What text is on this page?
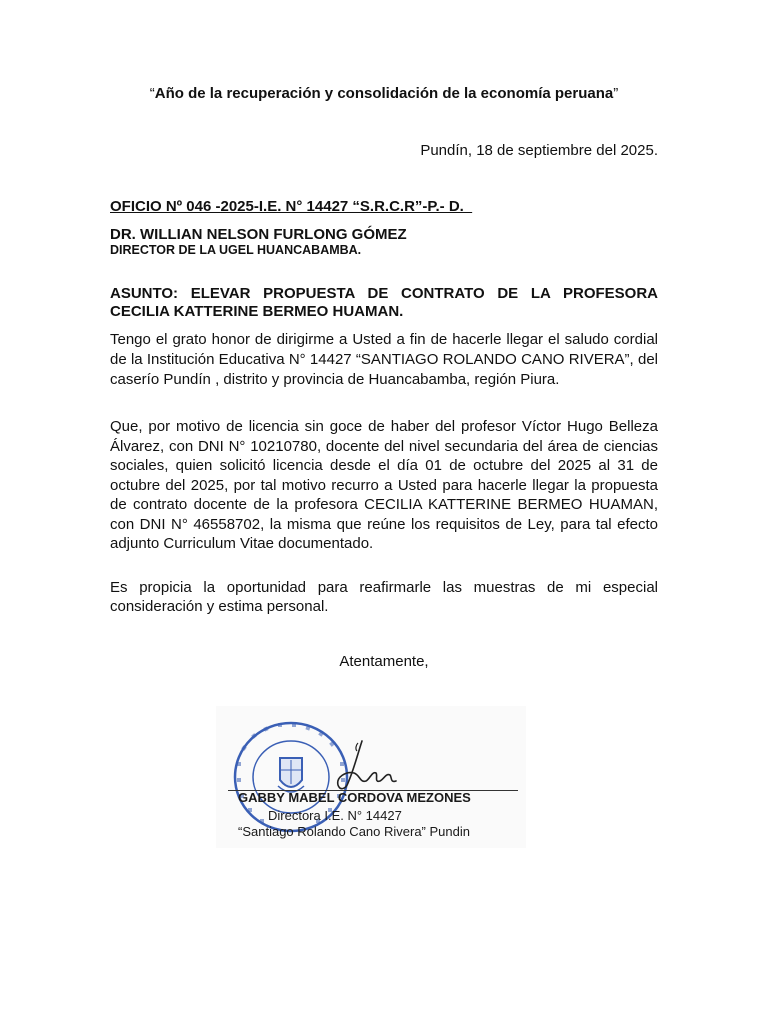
“Año de la recuperación y consolidación de la economía peruana”
Pundín, 18 de septiembre del 2025.
OFICIO Nº 046 -2025-I.E. N° 14427 “S.R.C.R”-P.- D.
DR. WILLIAN NELSON FURLONG GÓMEZ
DIRECTOR DE LA UGEL HUANCABAMBA.

ASUNTO: ELEVAR PROPUESTA DE CONTRATO DE LA PROFESORA CECILIA KATTERINE BERMEO HUAMAN.

Tengo el grato honor de dirigirme a Usted a fin de hacerle llegar el saludo cordial de la Institución Educativa N° 14427 “SANTIAGO ROLANDO CANO RIVERA”, del caserío Pundín , distrito y provincia de Huancabamba, región Piura.

Que, por motivo de licencia sin goce de haber del profesor Víctor Hugo Belleza Álvarez, con DNI N° 10210780, docente del nivel secundaria del área de ciencias sociales, quien solicitó licencia desde el día 01 de octubre del 2025 al 31 de octubre del 2025, por tal motivo recurro a Usted para hacerle llegar la propuesta de contrato docente de la profesora CECILIA KATTERINE BERMEO HUAMAN, con DNI N° 46558702, la misma que reúne los requisitos de Ley, para tal efecto adjunto Curriculum Vitae documentado.

Es propicia la oportunidad para reafirmarle las muestras de mi especial consideración y estima personal.

Atentamente,
GABBY MABEL CORDOVA MEZONES
Directora I.E. N° 14427
“Santiago Rolando Cano Rivera” Pundin
